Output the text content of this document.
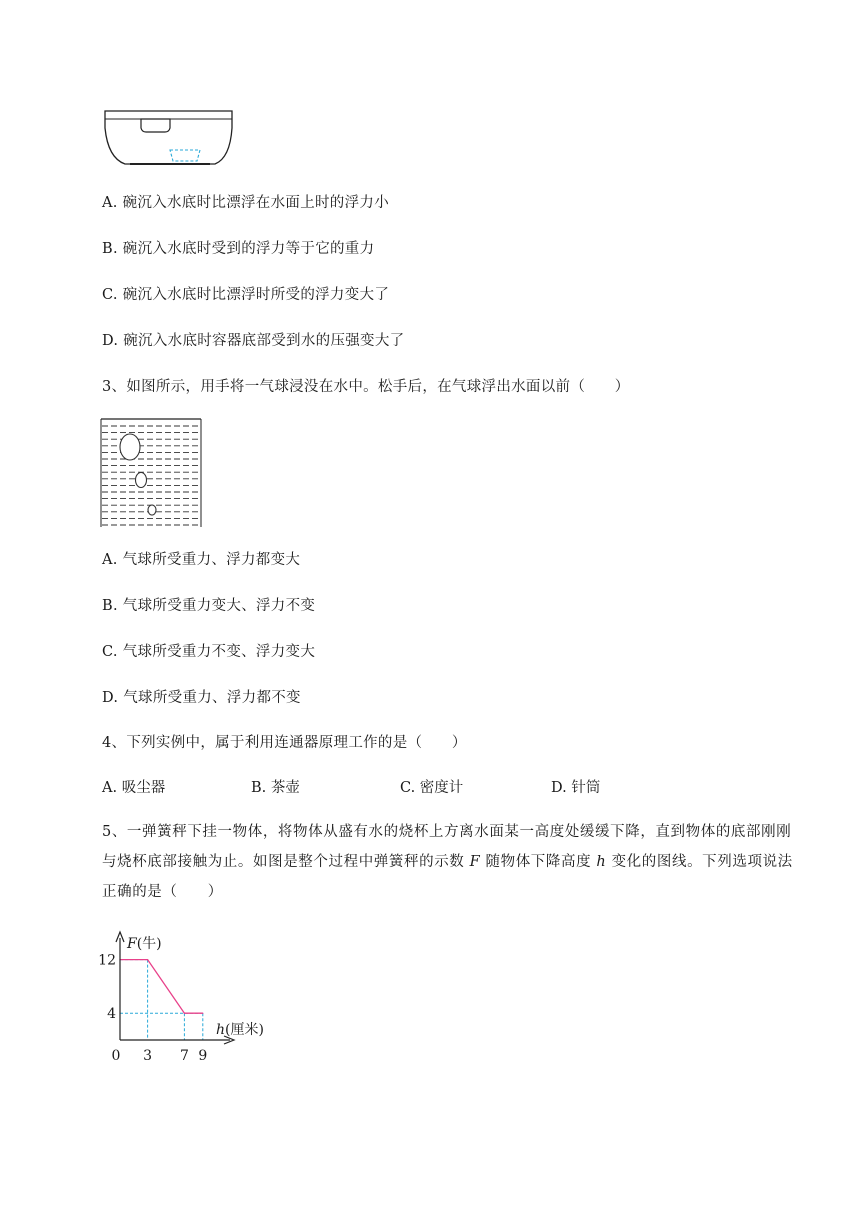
A. 碗沉入水底时比漂浮在水面上时的浮力小
B. 碗沉入水底时受到的浮力等于它的重力
C. 碗沉入水底时比漂浮时所受的浮力变大了
D. 碗沉入水底时容器底部受到水的压强变大了
3、如图所示，用手将一气球浸没在水中。松手后，在气球浮出水面以前（　　）
A. 气球所受重力、浮力都变大
B. 气球所受重力变大、浮力不变
C. 气球所受重力不变、浮力变大
D. 气球所受重力、浮力都不变
4、下列实例中，属于利用连通器原理工作的是（　　）
A. 吸尘器	B. 茶壶	C. 密度计	D. 针筒
5、一弹簧秤下挂一物体，将物体从盛有水的烧杯上方离水面某一高度处缓缓下降，直到物体的底部刚刚与烧杯底部接触为止。如图是整个过程中弹簧秤的示数 F 随物体下降高度 h 变化的图线。下列选项说法正确的是（　　）
F(牛)
h(厘米)
0 3 7 9
12
4
